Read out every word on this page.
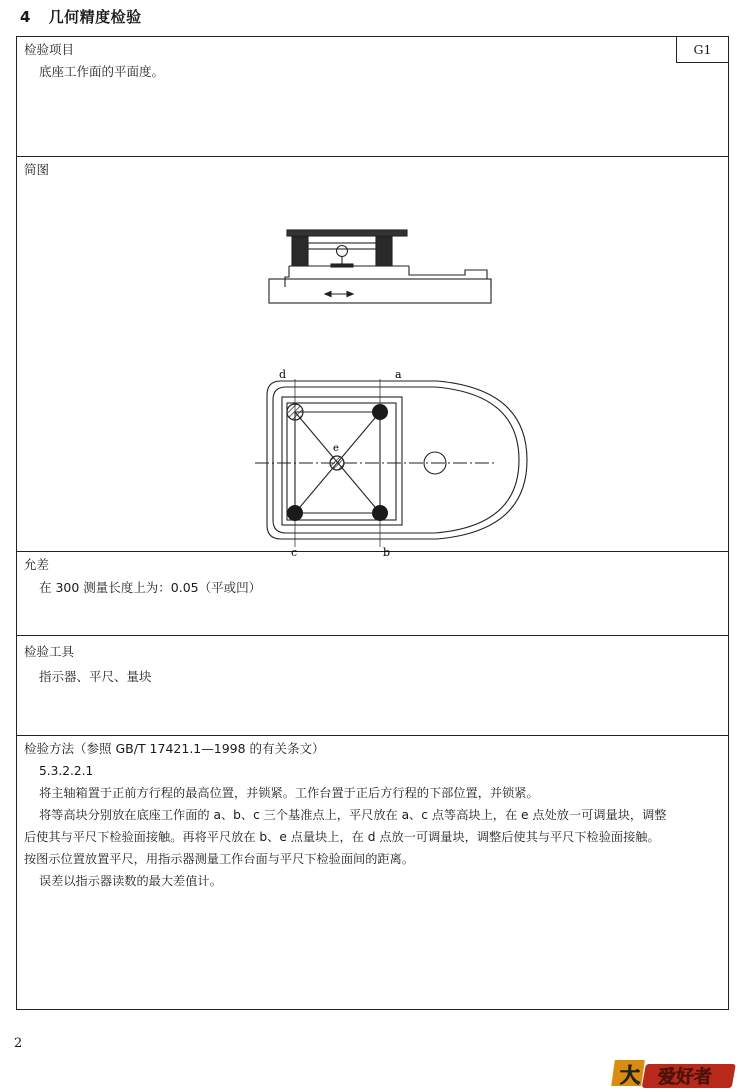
4 几何精度检验
检验项目	G1
底座工作面的平面度。
简图
d	a
e
c	b
允差
在 300 测量长度上为：0.05（平或凹）
检验工具
指示器、平尺、量块
检验方法（参照 GB/T 17421.1—1998 的有关条文）
5.3.2.2.1
将主轴箱置于正前方行程的最高位置，并锁紧。工作台置于正后方行程的下部位置，并锁紧。
将等高块分别放在底座工作面的 a、b、c 三个基准点上，平尺放在 a、c 点等高块上，在 e 点处放一可调量块，调整
后使其与平尺下检验面接触。再将平尺放在 b、e 点量块上，在 d 点放一可调量块，调整后使其与平尺下检验面接触。
按图示位置放置平尺，用指示器测量工作台面与平尺下检验面间的距离。
误差以指示器读数的最大差值计。
2
大 爱好者
